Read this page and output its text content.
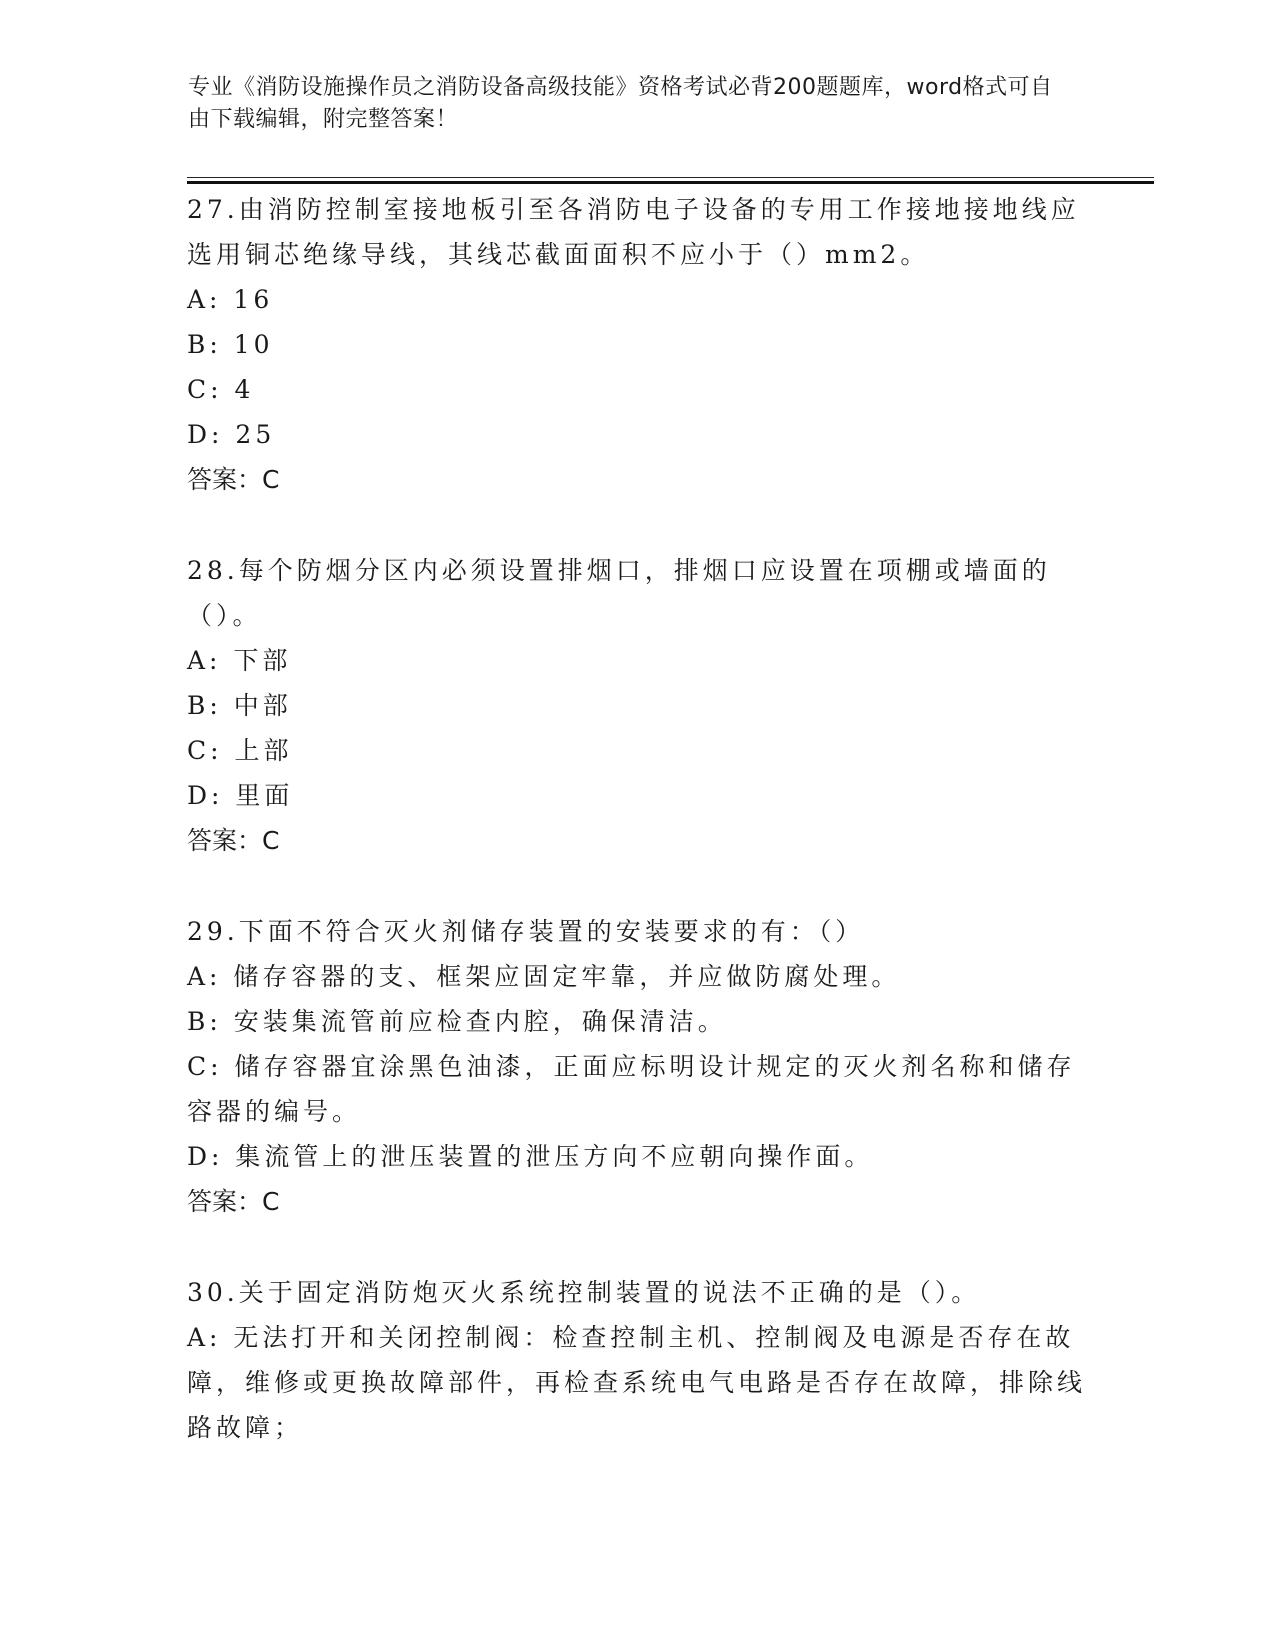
专业《消防设施操作员之消防设备高级技能》资格考试必背200题题库，word格式可自由下载编辑，附完整答案！

27.由消防控制室接地板引至各消防电子设备的专用工作接地接地线应选用铜芯绝缘导线，其线芯截面面积不应小于（）mm2。

A: 16

B: 10

C: 4

D: 25

答案：C

28.每个防烟分区内必须设置排烟口，排烟口应设置在项棚或墙面的（）。

A: 下部

B: 中部

C: 上部

D: 里面

答案：C

29.下面不符合灭火剂储存装置的安装要求的有：（）

A: 储存容器的支、框架应固定牢靠，并应做防腐处理。

B: 安装集流管前应检查内腔，确保清洁。

C: 储存容器宜涂黑色油漆，正面应标明设计规定的灭火剂名称和储存容器的编号。

D: 集流管上的泄压装置的泄压方向不应朝向操作面。

答案：C

30.关于固定消防炮灭火系统控制装置的说法不正确的是（）。

A: 无法打开和关闭控制阀：检查控制主机、控制阀及电源是否存在故障，维修或更换故障部件，再检查系统电气电路是否存在故障，排除线路故障；
